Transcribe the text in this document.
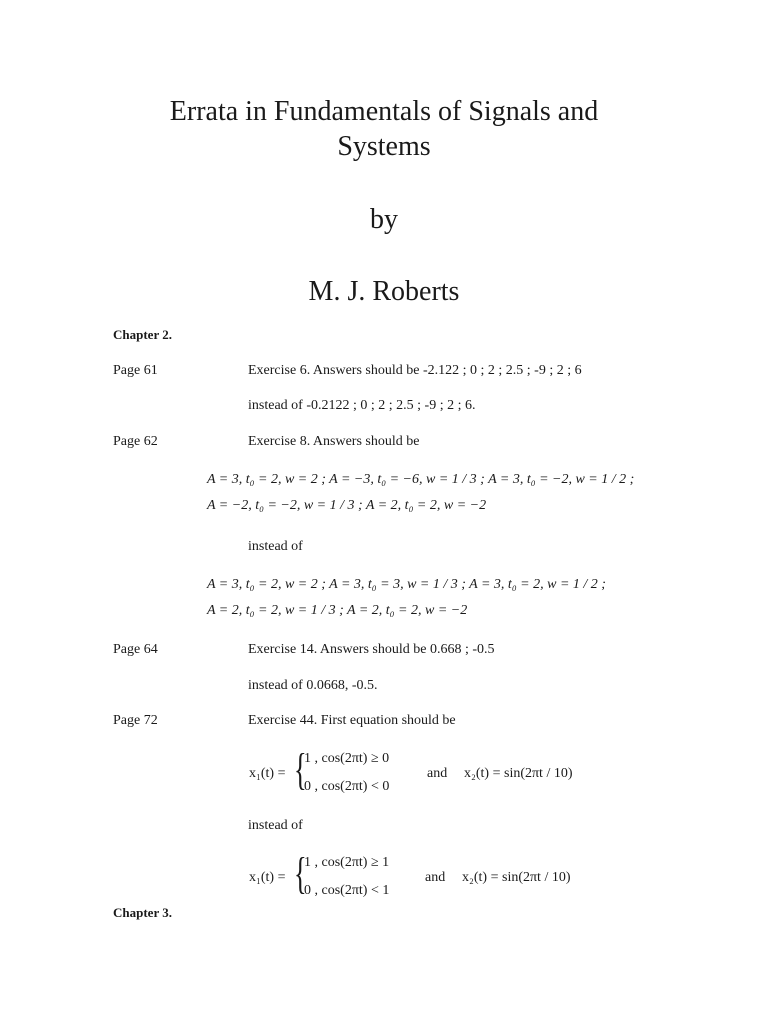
Errata in Fundamentals of Signals and
Systems
by
M. J. Roberts
Chapter 2.
Page 61	Exercise 6. Answers should be -2.122 ; 0 ; 2 ; 2.5 ; -9 ; 2 ; 6
instead of -0.2122 ; 0 ; 2 ; 2.5 ; -9 ; 2 ; 6.
Page 62	Exercise 8. Answers should be
A = 3, t₀ = 2, w = 2 ; A = −3, t₀ = −6, w = 1 / 3 ; A = 3, t₀ = −2, w = 1 / 2 ;
A = −2, t₀ = −2, w = 1 / 3 ; A = 2, t₀ = 2, w = −2
instead of
A = 3, t₀ = 2, w = 2 ; A = 3, t₀ = 3, w = 1 / 3 ; A = 3, t₀ = 2, w = 1 / 2 ;
A = 2, t₀ = 2, w = 1 / 3 ; A = 2, t₀ = 2, w = −2
Page 64	Exercise 14. Answers should be 0.668 ; -0.5
instead of 0.0668, -0.5.
Page 72	Exercise 44. First equation should be
x₁(t) = {
1 , cos(2πt) ≥ 0
0 , cos(2πt) < 0
and x₂(t) = sin(2πt / 10)
instead of
x₁(t) = {
1 , cos(2πt) ≥ 1
0 , cos(2πt) < 1
and x₂(t) = sin(2πt / 10)
Chapter 3.
